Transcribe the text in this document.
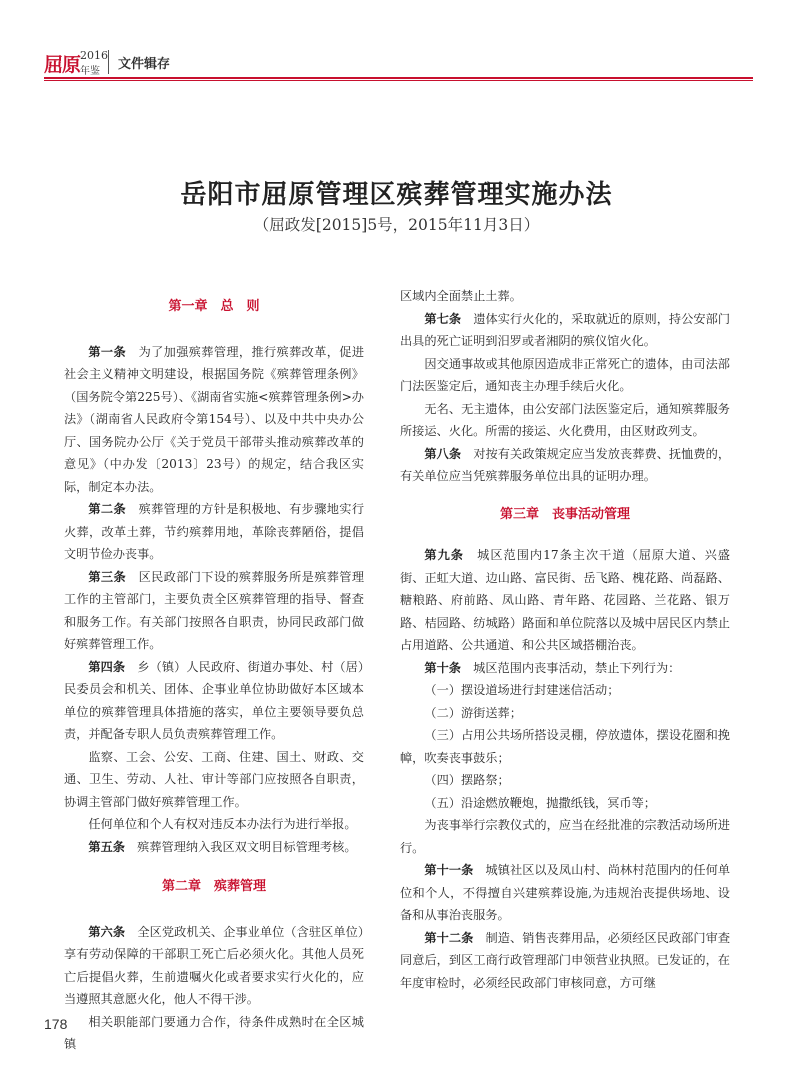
屈原 2016
年鉴 文件辑存
岳阳市屈原管理区殡葬管理实施办法
（屈政发[2015]5号，2015年11月3日）

第一章　总　则

第一条　 为了加强殡葬管理，推行殡葬改革，促进社会主义精神文明建设，根据国务院《殡葬管理条例》（国务院令第225号）、《湖南省实施<殡葬管理条例>办法》（湖南省人民政府令第154号）、以及中共中央办公厅、国务院办公厅《关于党员干部带头推动殡葬改革的意见》（中办发〔2013〕23号）的规定，结合我区实际，制定本办法。

第二条　 殡葬管理的方针是积极地、有步骤地实行火葬，改革土葬，节约殡葬用地，革除丧葬陋俗，提倡文明节俭办丧事。

第三条　 区民政部门下设的殡葬服务所是殡葬管理工作的主管部门，主要负责全区殡葬管理的指导、督查和服务工作。有关部门按照各自职责，协同民政部门做好殡葬管理工作。

第四条　 乡（镇）人民政府、街道办事处、村（居）民委员会和机关、团体、企事业单位协助做好本区域本单位的殡葬管理具体措施的落实，单位主要领导要负总责，并配备专职人员负责殡葬管理工作。

监察、工会、公安、工商、住建、国土、财政、交通、卫生、劳动、人社、审计等部门应按照各自职责，协调主管部门做好殡葬管理工作。

任何单位和个人有权对违反本办法行为进行举报。

第五条　 殡葬管理纳入我区双文明目标管理考核。

第二章　殡葬管理

第六条　 全区党政机关、企事业单位（含驻区单位）享有劳动保障的干部职工死亡后必须火化。其他人员死亡后提倡火葬，生前遗嘱火化或者要求实行火化的，应当遵照其意愿火化，他人不得干涉。

相关职能部门要通力合作，待条件成熟时在全区城镇

区域内全面禁止土葬。

第七条　 遗体实行火化的，采取就近的原则，持公安部门出具的死亡证明到汨罗或者湘阴的殡仪馆火化。

因交通事故或其他原因造成非正常死亡的遗体，由司法部门法医鉴定后，通知丧主办理手续后火化。

无名、无主遗体，由公安部门法医鉴定后，通知殡葬服务所接运、火化。所需的接运、火化费用，由区财政列支。

第八条　 对按有关政策规定应当发放丧葬费、抚恤费的，有关单位应当凭殡葬服务单位出具的证明办理。

第三章　丧事活动管理

第九条　 城区范围内17条主次干道（屈原大道、兴盛街、正虹大道、边山路、富民街、岳飞路、槐花路、尚磊路、糖粮路、府前路、凤山路、青年路、花园路、兰花路、银万路、桔园路、纺城路）路面和单位院落以及城中居民区内禁止占用道路、公共通道、和公共区域搭棚治丧。

第十条　 城区范围内丧事活动，禁止下列行为：

（一）摆设道场进行封建迷信活动；

（二）游街送葬；

（三）占用公共场所搭设灵棚，停放遗体，摆设花圈和挽幛，吹奏丧事鼓乐；

（四）摆路祭；

（五）沿途燃放鞭炮，抛撒纸钱，冥币等；

为丧事举行宗教仪式的，应当在经批准的宗教活动场所进行。

第十一条　 城镇社区以及凤山村、尚林村范围内的任何单位和个人，不得擅自兴建殡葬设施,为违规治丧提供场地、设备和从事治丧服务。

第十二条　 制造、销售丧葬用品，必须经区民政部门审查同意后，到区工商行政管理部门申领营业执照。已发证的，在年度审检时，必须经民政部门审核同意，方可继

178
